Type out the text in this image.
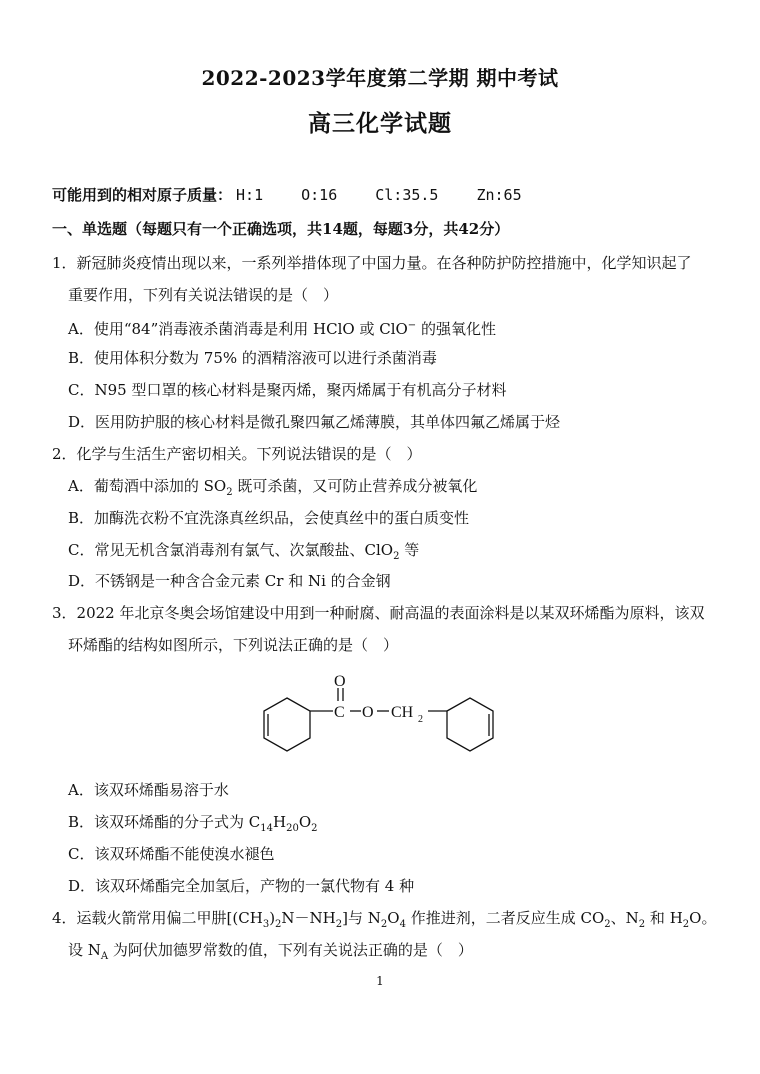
2022-2023学年度第二学期 期中考试
高三化学试题
可能用到的相对原子质量： H:1	O:16	Cl:35.5	Zn:65
一、单选题（每题只有一个正确选项，共14题，每题3分，共42分）
1．新冠肺炎疫情出现以来，一系列举措体现了中国力量。在各种防护防控措施中，化学知识起了
重要作用，下列有关说法错误的是（　）
A．使用“84”消毒液杀菌消毒是利用 HClO 或 ClO− 的强氧化性
B．使用体积分数为 75% 的酒精溶液可以进行杀菌消毒
C．N95 型口罩的核心材料是聚丙烯，聚丙烯属于有机高分子材料
D．医用防护服的核心材料是微孔聚四氟乙烯薄膜，其单体四氟乙烯属于烃
2．化学与生活生产密切相关。下列说法错误的是（　）
A．葡萄酒中添加的 $SO_2$ 既可杀菌，又可防止营养成分被氧化
B．加酶洗衣粉不宜洗涤真丝织品，会使真丝中的蛋白质变性
C．常见无机含氯消毒剂有氯气、次氯酸盐、ClO$_2$ 等
D．不锈钢是一种含合金元素 Cr 和 Ni 的合金钢
3．2022 年北京冬奥会场馆建设中用到一种耐腐、耐高温的表面涂料是以某双环烯酯为原料，该双
环烯酯的结构如图所示，下列说法正确的是（　）
O
C O CH 2
A．该双环烯酯易溶于水
B．该双环烯酯的分子式为 $C_{14}H_{20}O_2$
C．该双环烯酯不能使溴水褪色
D．该双环烯酯完全加氢后，产物的一氯代物有 4 种
4．运载火箭常用偏二甲肼$[(CH_3)_2N-NH_2]$与 $N_2O_4$ 作推进剂，二者反应生成 $CO_2$、$N_2$ 和 $H_2O$。
设 $N_A$ 为阿伏加德罗常数的值，下列有关说法正确的是（　）
1
